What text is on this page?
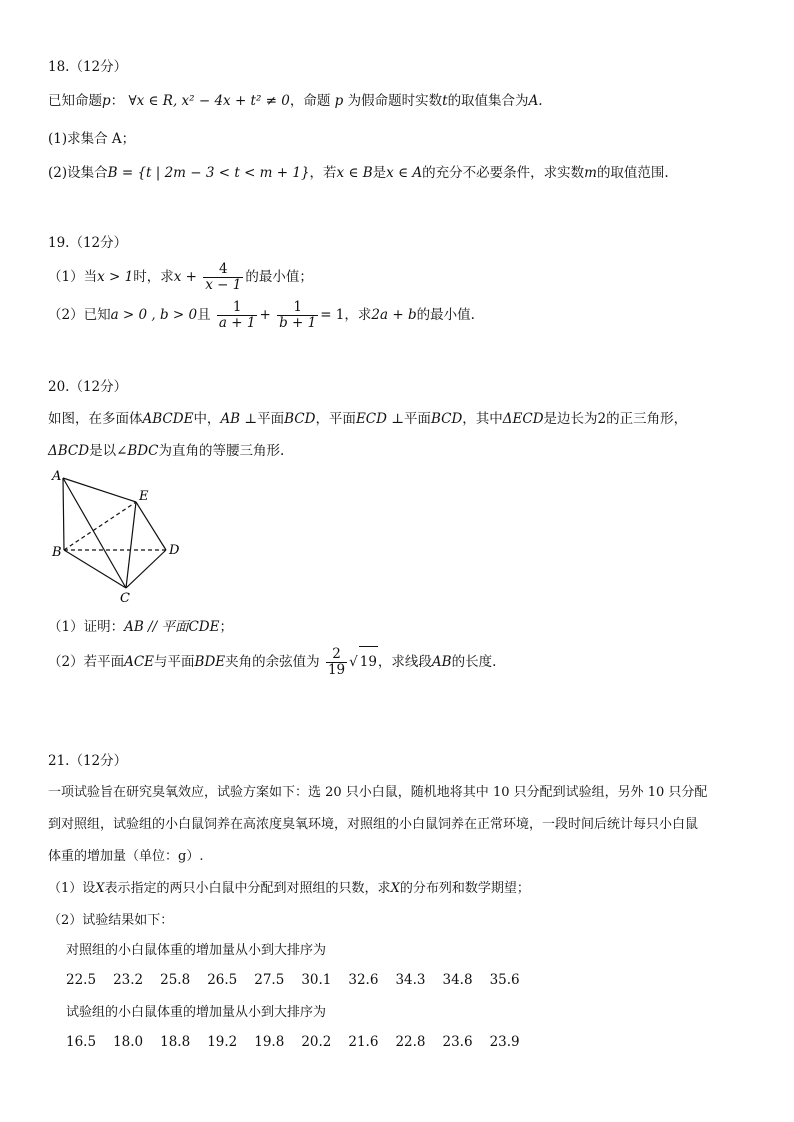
18.（12分）
已知命题p： ∀x ∈ R, x² − 4x + t² ≠ 0，命题 p 为假命题时实数t的取值集合为A.
(1)求集合 A；
(2)设集合B = {t | 2m − 3 < t < m + 1}，若x ∈ B是x ∈ A的充分不必要条件，求实数m的取值范围.
19.（12分）
（1）当x > 1时，求$x + \frac{4}{x - 1}$ 的最小值；
（2）已知a > 0 , b > 0且 $\frac{1}{a + 1} + \frac{1}{b + 1} = 1$，求2a + b的最小值.
20.（12分）
如图，在多面体ABCDE中，AB ⊥平面BCD，平面ECD ⊥平面BCD，其中ΔECD是边长为2的正三角形，
ΔBCD是以∠BDC为直角的等腰三角形.
A
B
C
D
E
（1）证明：AB // 平面CDE；
（2）若平面ACE与平面BDE夹角的余弦值为 $\frac{2}{19}$ √ 19，求线段AB的长度.
21.（12分）
一项试验旨在研究臭氧效应，试验方案如下：选 20 只小白鼠，随机地将其中 10 只分配到试验组，另外 10 只分配
到对照组，试验组的小白鼠饲养在高浓度臭氧环境，对照组的小白鼠饲养在正常环境，一段时间后统计每只小白鼠
体重的增加量（单位：g）.
（1）设X表示指定的两只小白鼠中分配到对照组的只数，求X的分布列和数学期望；
（2）试验结果如下：
对照组的小白鼠体重的增加量从小到大排序为
22.5 23.2 25.8 26.5 27.5 30.1 32.6 34.3 34.8 35.6
试验组的小白鼠体重的增加量从小到大排序为
16.5 18.0 18.8 19.2 19.8 20.2 21.6 22.8 23.6 23.9
